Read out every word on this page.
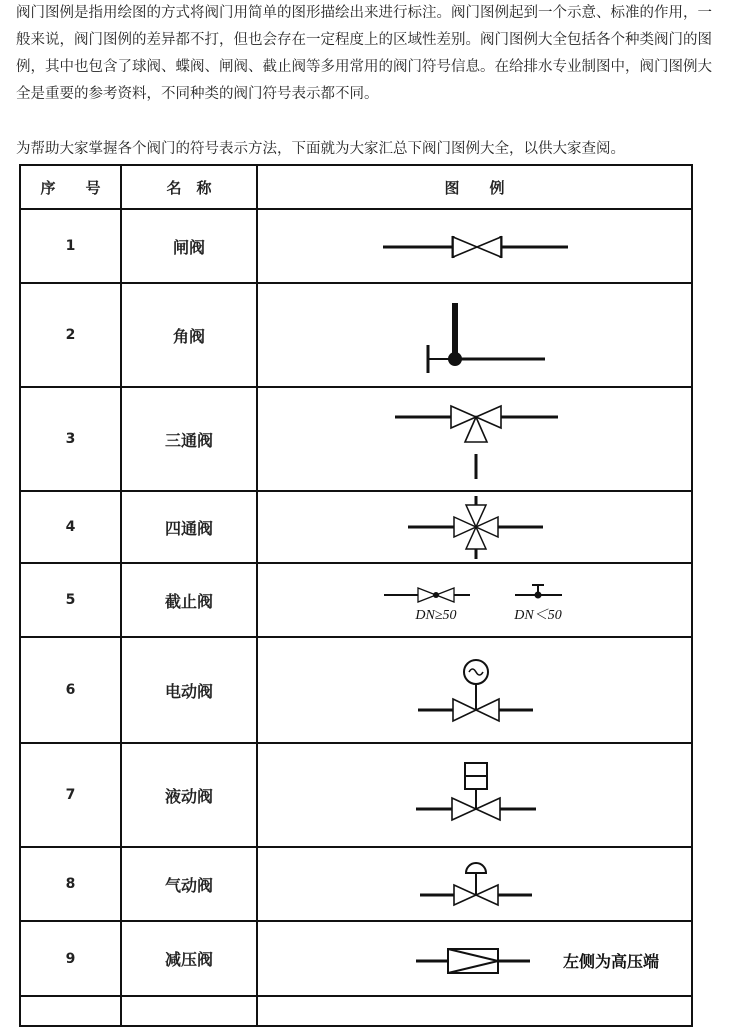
阀门图例是指用绘图的方式将阀门用简单的图形描绘出来进行标注。阀门图例起到一个示意、标准的作用，一般来说，阀门图例的差异都不打，但也会存在一定程度上的区域性差别。阀门图例大全包括各个种类阀门的图例，其中也包含了球阀、蝶阀、闸阀、截止阀等多用常用的阀门符号信息。在给排水专业制图中，阀门图例大全是重要的参考资料，不同种类的阀门符号表示都不同。

为帮助大家掌握各个阀门的符号表示方法，下面就为大家汇总下阀门图例大全，以供大家查阅。

序　　号	名　称	图　　例
1	闸阀	

2	角阀	

3	三通阀	

4	四通阀	

5	截止阀	DN≥50 DN＜50

6	电动阀	

7	液动阀	

8	气动阀	

9	减压阀	左侧为高压端
